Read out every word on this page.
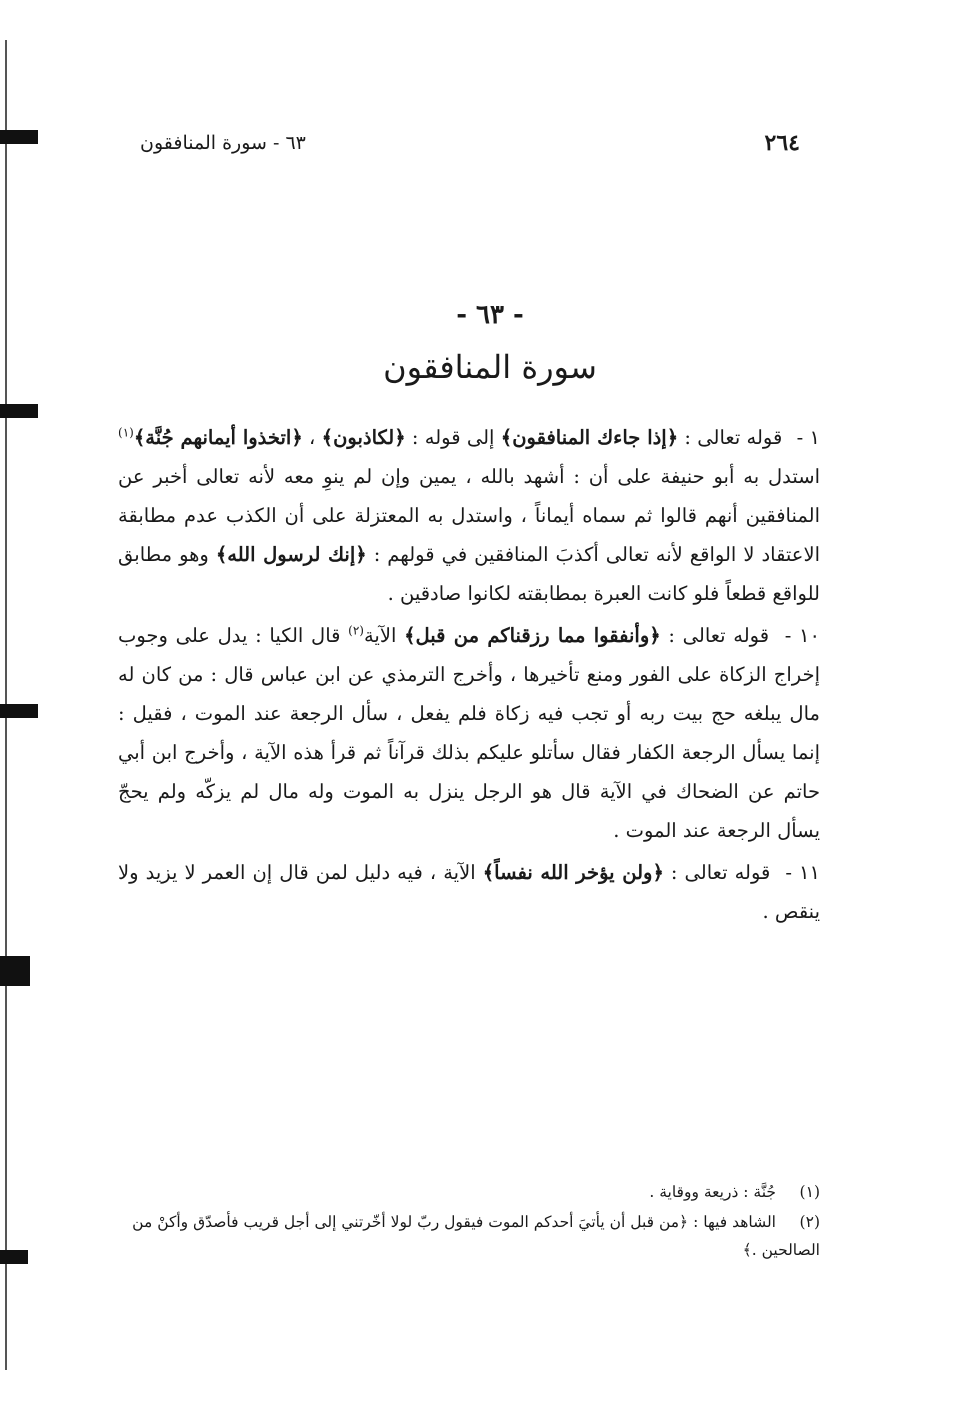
٢٦٤
٦٣ - سورة المنافقون
- ٦٣ -
سورة المنافقون

١ - قوله تعالى : ﴿إذا جاءك المنافقون﴾ إلى قوله : ﴿لكاذبون﴾ ، ﴿اتخذوا أيمانهم جُنَّة﴾$^{(١)}$ استدل به أبو حنيفة على أن : أشهد بالله ، يمين وإن لم ينوِ معه لأنه تعالى أخبر عن المنافقين أنهم قالوا ثم سماه أيماناً ، واستدل به المعتزلة على أن الكذب عدم مطابقة الاعتقاد لا الواقع لأنه تعالى أكذبَ المنافقين في قولهم : ﴿إنك لرسول الله﴾ وهو مطابق للواقع قطعاً فلو كانت العبرة بمطابقته لكانوا صادقين .

١٠ - قوله تعالى : ﴿وأنفقوا مما رزقناكم من قبل﴾ الآية$^{(٢)}$ قال الكيا : يدل على وجوب إخراج الزكاة على الفور ومنع تأخيرها ، وأخرج الترمذي عن ابن عباس قال : من كان له مال يبلغه حج بيت ربه أو تجب فيه زكاة فلم يفعل ، سأل الرجعة عند الموت ، فقيل : إنما يسأل الرجعة الكفار فقال سأتلو عليكم بذلك قرآناً ثم قرأ هذه الآية ، وأخرج ابن أبي حاتم عن الضحاك في الآية قال هو الرجل ينزل به الموت وله مال لم يزكّه ولم يحجّ يسأل الرجعة عند الموت .

١١ - قوله تعالى : ﴿ولن يؤخر الله نفساً﴾ الآية ، فيه دليل لمن قال إن العمر لا يزيد ولا ينقص .

(١)جُنَّة : ذريعة ووقاية .

(٢)الشاهد فيها : ﴿من قبل أن يأتيَ أحدكم الموت فيقول ربّ لولا أخّرتني إلى أجل قريب فأصدّق وأكنْ من الصالحين .﴾
